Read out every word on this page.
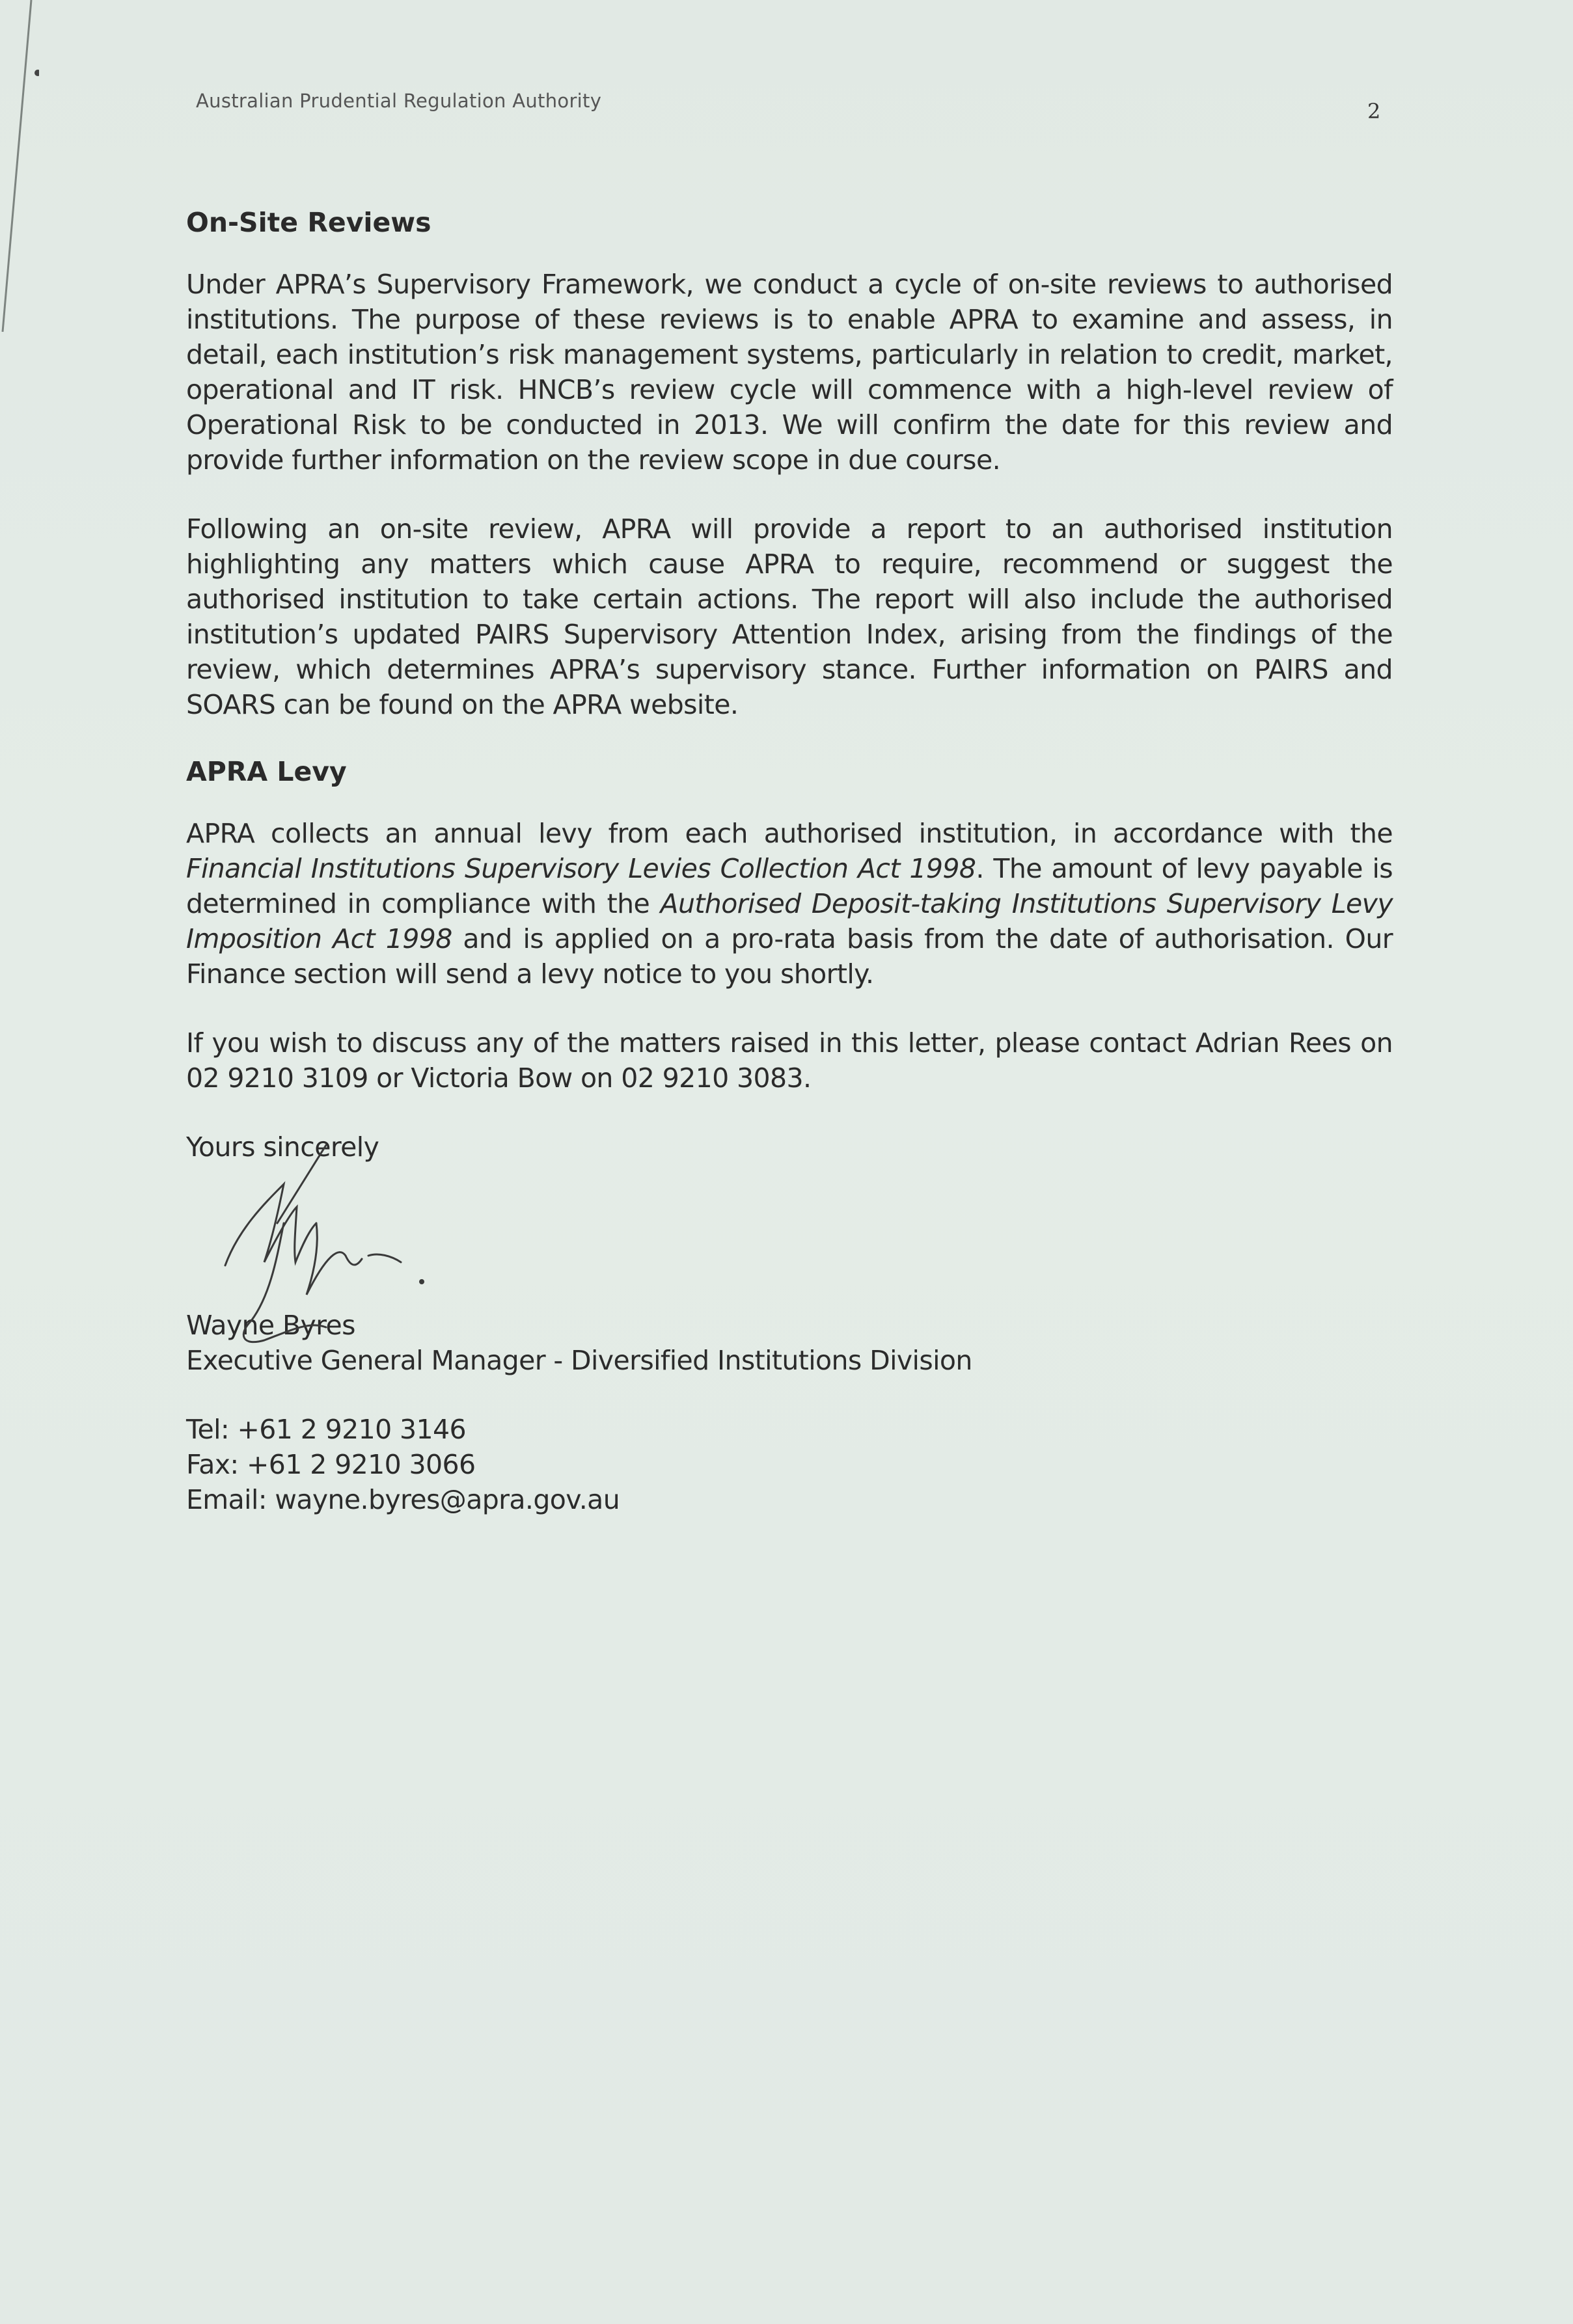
Australian Prudential Regulation Authority	2
On-Site Reviews

Under APRA’s Supervisory Framework, we conduct a cycle of on-site reviews to authorised institutions. The purpose of these reviews is to enable APRA to examine and assess, in detail, each institution’s risk management systems, particularly in relation to credit, market, operational and IT risk. HNCB’s review cycle will commence with a high-level review of Operational Risk to be conducted in 2013. We will confirm the date for this review and provide further information on the review scope in due course.

Following an on-site review, APRA will provide a report to an authorised institution highlighting any matters which cause APRA to require, recommend or suggest the authorised institution to take certain actions. The report will also include the authorised institution’s updated PAIRS Supervisory Attention Index, arising from the findings of the review, which determines APRA’s supervisory stance. Further information on PAIRS and SOARS can be found on the APRA website.

APRA Levy

APRA collects an annual levy from each authorised institution, in accordance with the Financial Institutions Supervisory Levies Collection Act 1998. The amount of levy payable is determined in compliance with the Authorised Deposit-taking Institutions Supervisory Levy Imposition Act 1998 and is applied on a pro-rata basis from the date of authorisation. Our Finance section will send a levy notice to you shortly.

If you wish to discuss any of the matters raised in this letter, please contact Adrian Rees on 02 9210 3109 or Victoria Bow on 02 9210 3083.

Yours sincerely

Wayne Byres

Executive General Manager - Diversified Institutions Division

Tel: +61 2 9210 3146

Fax: +61 2 9210 3066

Email: wayne.byres@apra.gov.au
